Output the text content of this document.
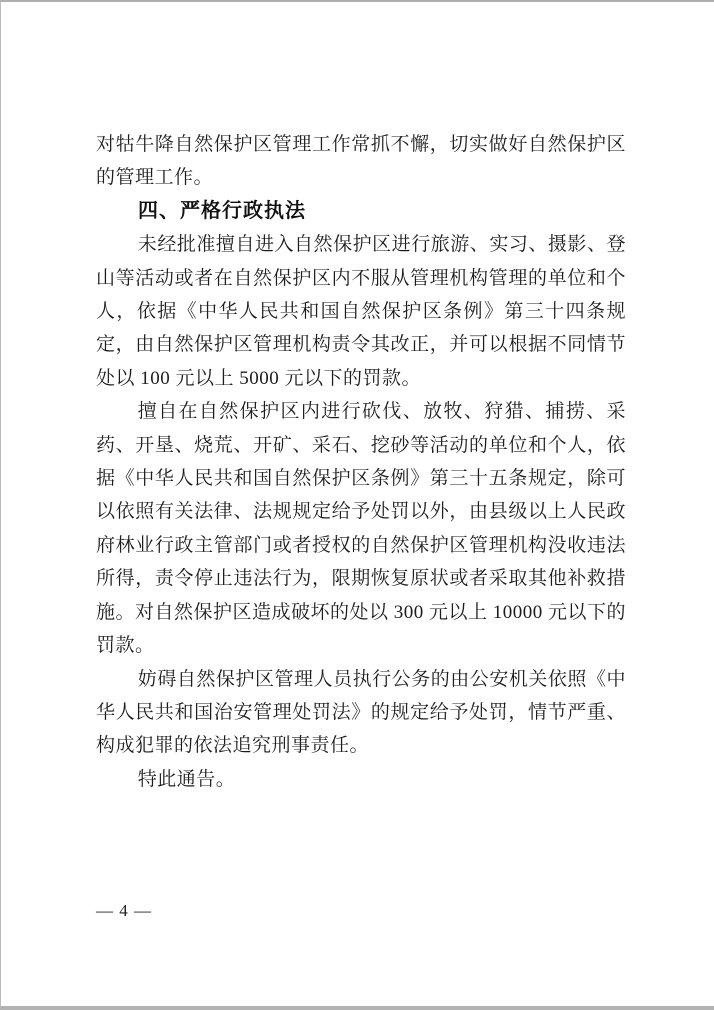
对牯牛降自然保护区管理工作常抓不懈，切实做好自然保护区的管理工作。

四、严格行政执法

未经批准擅自进入自然保护区进行旅游、实习、摄影、登山等活动或者在自然保护区内不服从管理机构管理的单位和个人，依据《中华人民共和国自然保护区条例》第三十四条规定，由自然保护区管理机构责令其改正，并可以根据不同情节处以 100 元以上 5000 元以下的罚款。

擅自在自然保护区内进行砍伐、放牧、狩猎、捕捞、采药、开垦、烧荒、开矿、采石、挖砂等活动的单位和个人，依据《中华人民共和国自然保护区条例》第三十五条规定，除可以依照有关法律、法规规定给予处罚以外，由县级以上人民政府林业行政主管部门或者授权的自然保护区管理机构没收违法所得，责令停止违法行为，限期恢复原状或者采取其他补救措施。对自然保护区造成破坏的处以 300 元以上 10000 元以下的罚款。

妨碍自然保护区管理人员执行公务的由公安机关依照《中华人民共和国治安管理处罚法》的规定给予处罚，情节严重、构成犯罪的依法追究刑事责任。

特此通告。

— 4 —
